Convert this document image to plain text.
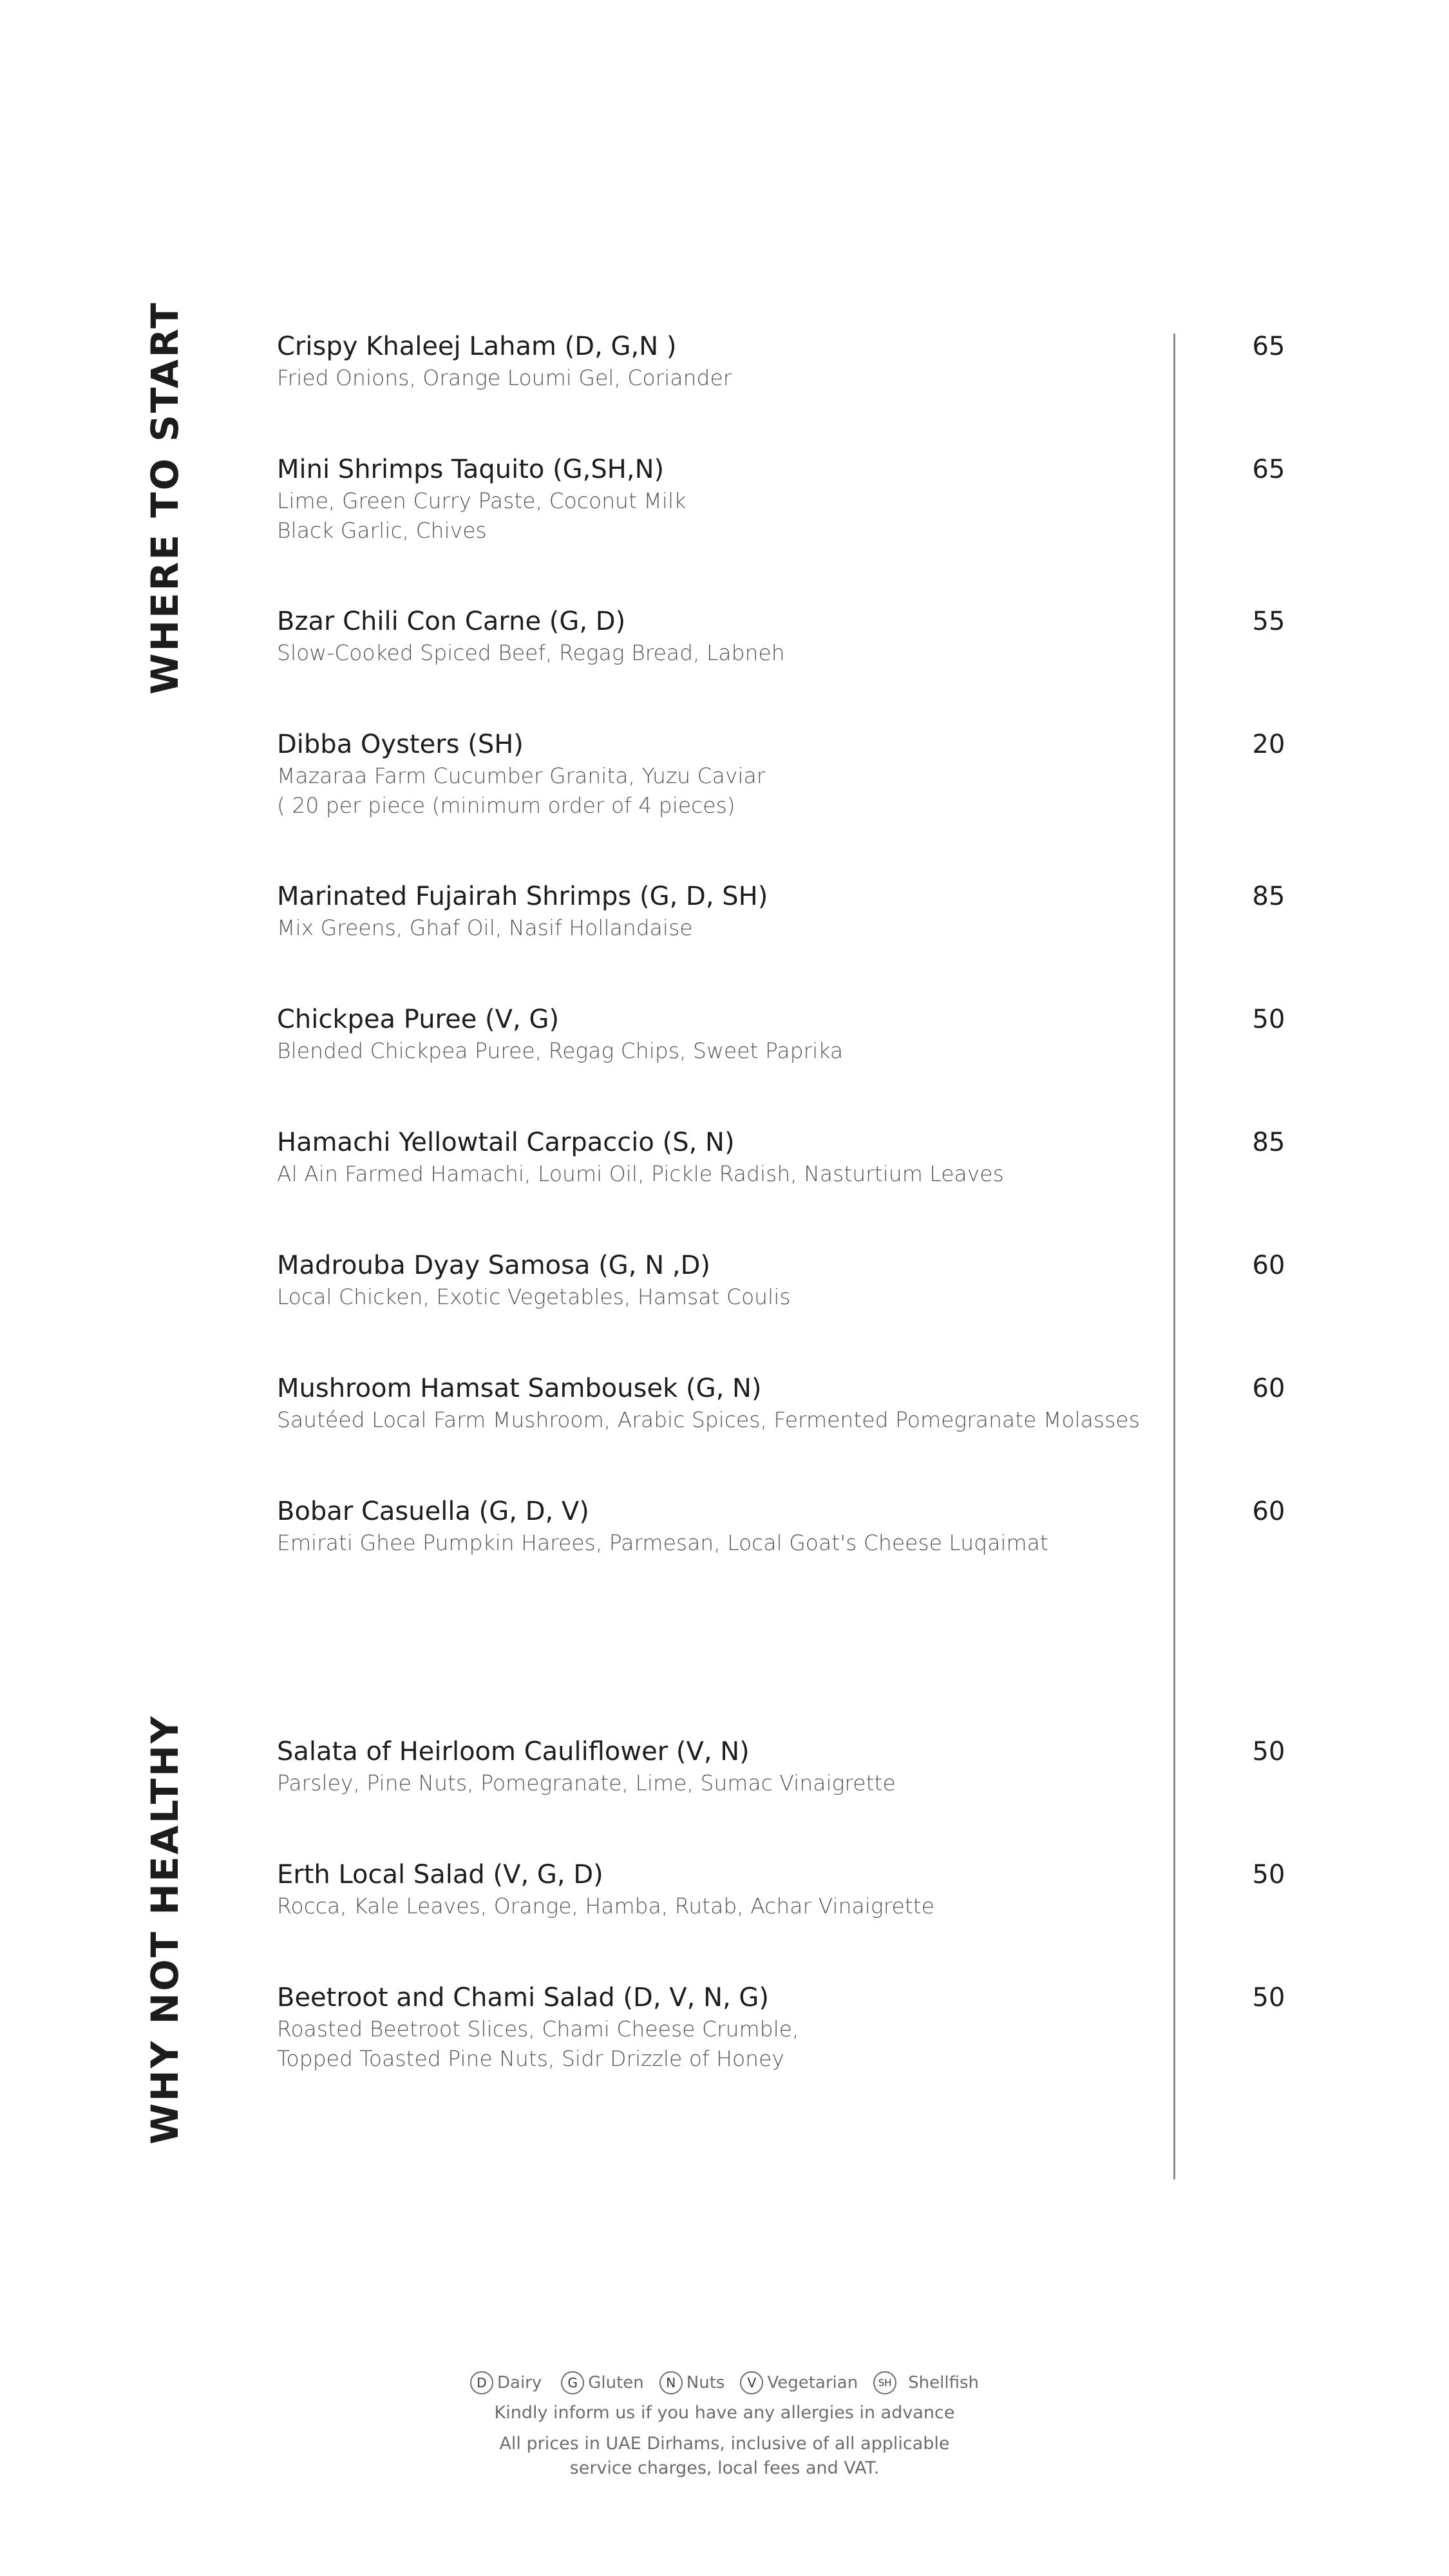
WHERE TO START
WHY NOT HEALTHY
Crispy Khaleej Laham (D, G,N )
Fried Onions, Orange Loumi Gel, Coriander
65
Mini Shrimps Taquito (G,SH,N)
Lime, Green Curry Paste, Coconut Milk
Black Garlic, Chives
65
Bzar Chili Con Carne (G, D)
Slow-Cooked Spiced Beef, Regag Bread, Labneh
55
Dibba Oysters (SH)
Mazaraa Farm Cucumber Granita, Yuzu Caviar
( 20 per piece (minimum order of 4 pieces)
20
Marinated Fujairah Shrimps (G, D, SH)
Mix Greens, Ghaf Oil, Nasif Hollandaise
85
Chickpea Puree (V, G)
Blended Chickpea Puree, Regag Chips, Sweet Paprika
50
Hamachi Yellowtail Carpaccio (S, N)
Al Ain Farmed Hamachi, Loumi Oil, Pickle Radish, Nasturtium Leaves
85
Madrouba Dyay Samosa (G, N ,D)
Local Chicken, Exotic Vegetables, Hamsat Coulis
60
Mushroom Hamsat Sambousek (G, N)
Sautéed Local Farm Mushroom, Arabic Spices, Fermented Pomegranate Molasses
60
Bobar Casuella (G, D, V)
Emirati Ghee Pumpkin Harees, Parmesan, Local Goat's Cheese Luqaimat
60
Salata of Heirloom Cauliflower (V, N)
Parsley, Pine Nuts, Pomegranate, Lime, Sumac Vinaigrette
50
Erth Local Salad (V, G, D)
Rocca, Kale Leaves, Orange, Hamba, Rutab, Achar Vinaigrette
50
Beetroot and Chami Salad (D, V, N, G)
Roasted Beetroot Slices, Chami Cheese Crumble,
Topped Toasted Pine Nuts, Sidr Drizzle of Honey
50
D Dairy	G Gluten	N Nuts	V Vegetarian	SH Shellfish
Kindly inform us if you have any allergies in advance
All prices in UAE Dirhams, inclusive of all applicable
service charges, local fees and VAT.
